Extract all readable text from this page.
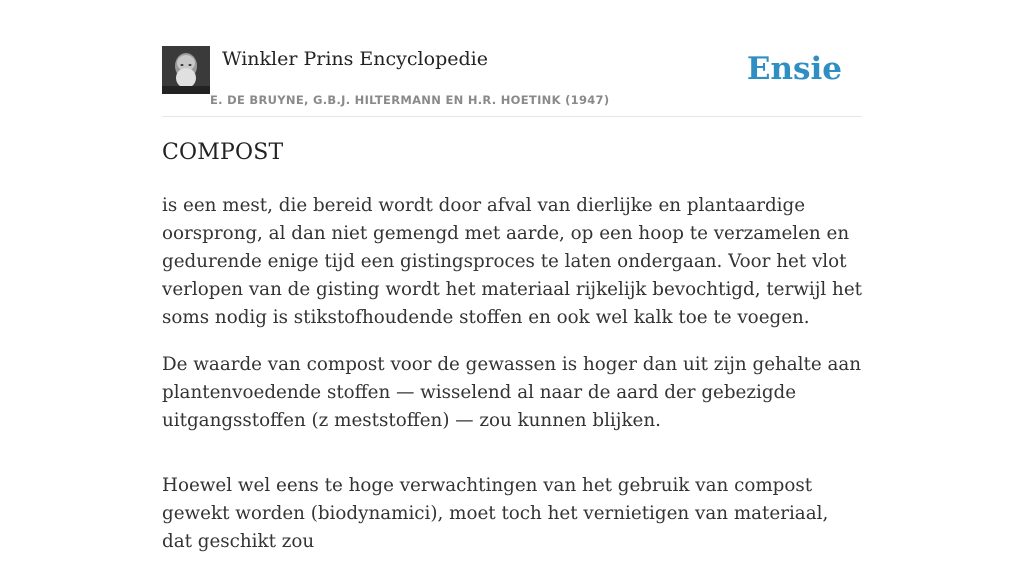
Winkler Prins Encyclopedie
E. DE BRUYNE, G.B.J. HILTERMANN EN H.R. HOETINK (1947)
Ensie
COMPOST

is een mest, die bereid wordt door afval van dierlijke en plantaardige oorsprong, al dan niet gemengd met aarde, op een hoop te verzamelen en gedurende enige tijd een gistingsproces te laten ondergaan. Voor het vlot verlopen van de gisting wordt het materiaal rijkelijk bevochtigd, terwijl het soms nodig is stikstofhoudende stoffen en ook wel kalk toe te voegen.

De waarde van compost voor de gewassen is hoger dan uit zijn gehalte aan plantenvoedende stoffen — wisselend al naar de aard der gebezigde uitgangsstoffen (z meststoffen) — zou kunnen blijken.

Hoewel wel eens te hoge verwachtingen van het gebruik van compost gewekt worden (biodynamici), moet toch het vernietigen van materiaal, dat geschikt zou
